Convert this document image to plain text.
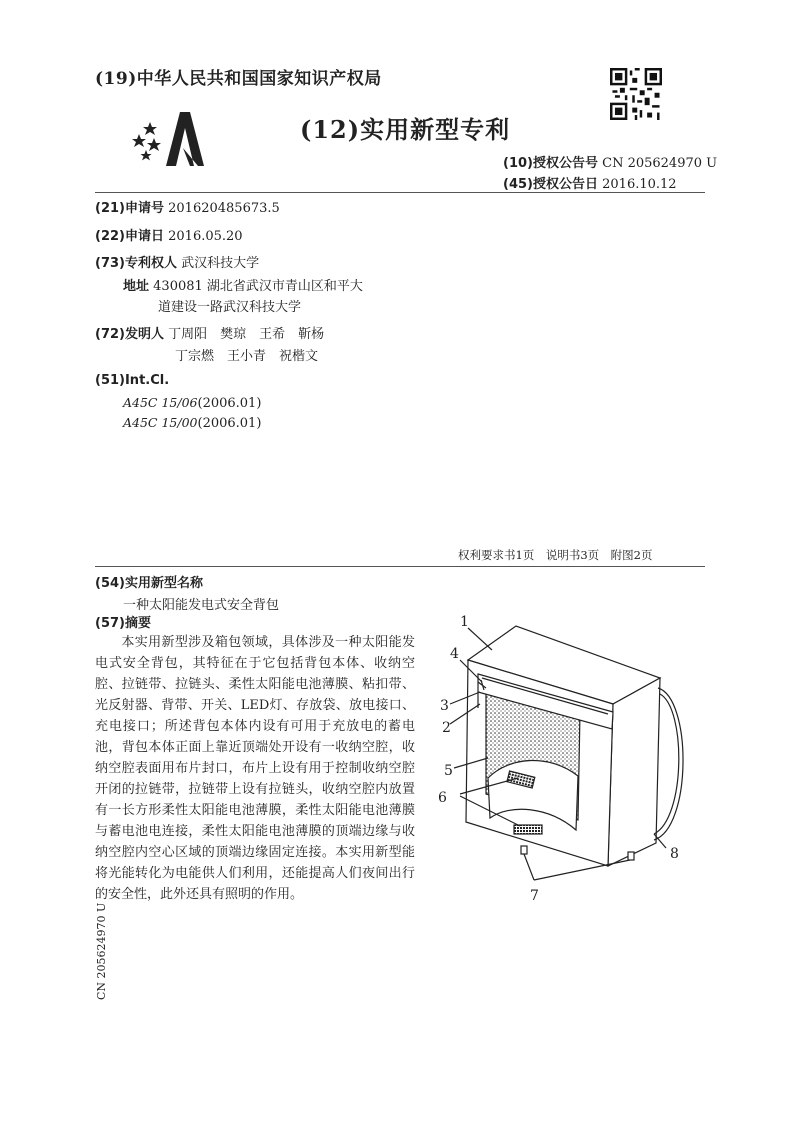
(19)中华人民共和国国家知识产权局
(12)实用新型专利
(10)授权公告号 CN 205624970 U
(45)授权公告日 2016.10.12
(21)申请号 201620485673.5
(22)申请日 2016.05.20
(73)专利权人 武汉科技大学
地址 430081 湖北省武汉市青山区和平大
道建设一路武汉科技大学
(72)发明人 丁周阳　樊琼　王希　靳杨
丁宗燃　王小青　祝楷文
(51)Int.Cl.
A45C 15/06(2006.01)
A45C 15/00(2006.01)
权利要求书1页　说明书3页　附图2页
(54)实用新型名称
一种太阳能发电式安全背包
(57)摘要
本实用新型涉及箱包领域，具体涉及一种太阳能发电式安全背包，其特征在于它包括背包本体、收纳空腔、拉链带、拉链头、柔性太阳能电池薄膜、粘扣带、光反射器、背带、开关、LED灯、存放袋、放电接口、充电接口；所述背包本体内设有可用于充放电的蓄电池，背包本体正面上靠近顶端处开设有一收纳空腔，收纳空腔表面用布片封口，布片上设有用于控制收纳空腔开闭的拉链带，拉链带上设有拉链头，收纳空腔内放置有一长方形柔性太阳能电池薄膜，柔性太阳能电池薄膜与蓄电池电连接，柔性太阳能电池薄膜的顶端边缘与收纳空腔内空心区域的顶端边缘固定连接。本实用新型能将光能转化为电能供人们利用，还能提高人们夜间出行的安全性，此外还具有照明的作用。
CN 205624970 U
1
4
3
2
5
6
8
7
